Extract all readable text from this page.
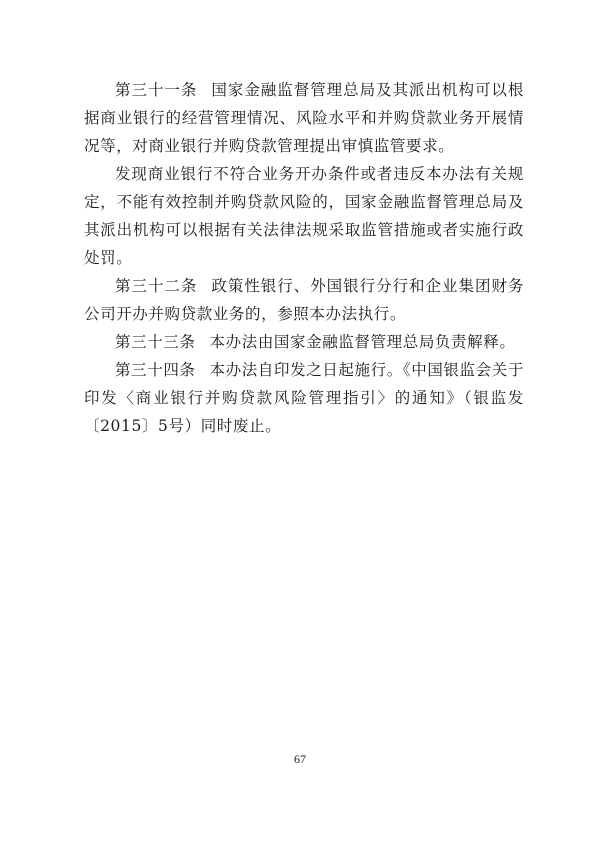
第三十一条 国家金融监督管理总局及其派出机构可以根据商业银行的经营管理情况、风险水平和并购贷款业务开展情况等，对商业银行并购贷款管理提出审慎监管要求。

发现商业银行不符合业务开办条件或者违反本办法有关规定，不能有效控制并购贷款风险的，国家金融监督管理总局及其派出机构可以根据有关法律法规采取监管措施或者实施行政处罚。

第三十二条 政策性银行、外国银行分行和企业集团财务公司开办并购贷款业务的，参照本办法执行。

第三十三条 本办法由国家金融监督管理总局负责解释。

第三十四条 本办法自印发之日起施行。《中国银监会关于印发〈商业银行并购贷款风险管理指引〉的通知》（银监发〔2015〕5号）同时废止。

67
